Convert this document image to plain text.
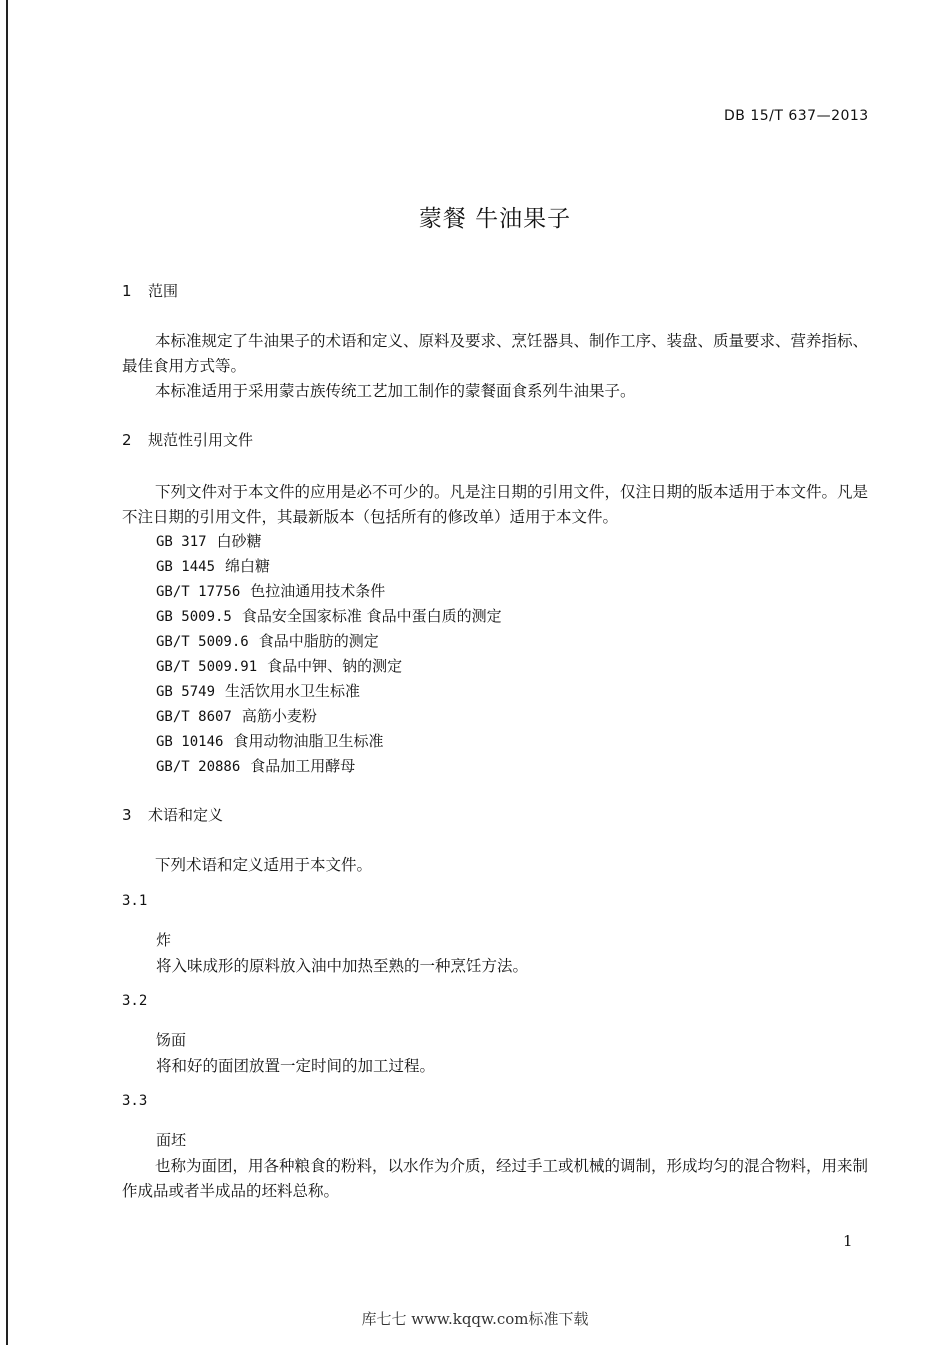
DB 15/T 637—2013
蒙餐 牛油果子
1 范围
本标准规定了牛油果子的术语和定义、原料及要求、烹饪器具、制作工序、装盘、质量要求、营养指标、最佳食用方式等。
本标准适用于采用蒙古族传统工艺加工制作的蒙餐面食系列牛油果子。
2 规范性引用文件
下列文件对于本文件的应用是必不可少的。凡是注日期的引用文件，仅注日期的版本适用于本文件。凡是不注日期的引用文件，其最新版本（包括所有的修改单）适用于本文件。
GB 317 白砂糖
GB 1445 绵白糖
GB/T 17756 色拉油通用技术条件
GB 5009.5 食品安全国家标准 食品中蛋白质的测定
GB/T 5009.6 食品中脂肪的测定
GB/T 5009.91 食品中钾、钠的测定
GB 5749 生活饮用水卫生标准
GB/T 8607 高筋小麦粉
GB 10146 食用动物油脂卫生标准
GB/T 20886 食品加工用酵母
3 术语和定义
下列术语和定义适用于本文件。
3.1
炸
将入味成形的原料放入油中加热至熟的一种烹饪方法。
3.2
饧面
将和好的面团放置一定时间的加工过程。
3.3
面坯
也称为面团，用各种粮食的粉料，以水作为介质，经过手工或机械的调制，形成均匀的混合物料，用来制作成品或者半成品的坯料总称。
1
库七七 www.kqqw.com标准下载
